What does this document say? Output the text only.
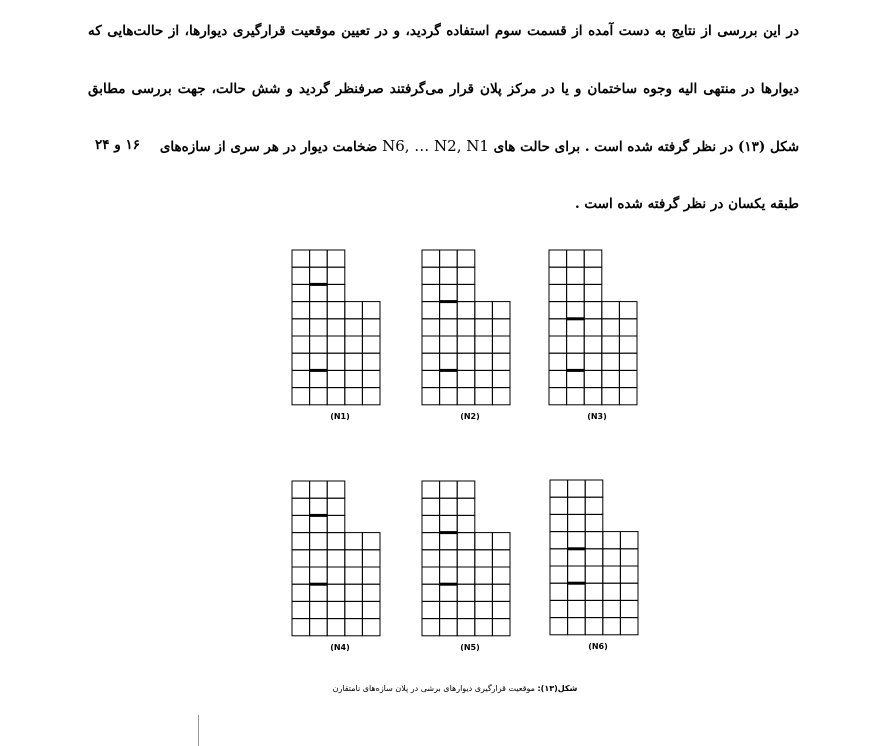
در این بررسی از نتایج به دست آمده از قسمت سوم استفاده گردید، و در تعیین موقعیت قرارگیری دیوارها، از حالت‌هایی که
دیوارها در منتهی الیه وجوه ساختمان و یا در مرکز پلان قرار می‌گرفتند صرفنظر گردید و شش حالت، جهت بررسی مطابق
شکل (۱۳) در نظر گرفته شده است . برای حالت های N6, … N2, N1 ضخامت دیوار در هر سری از سازه‌های
۱۶ و ۲۴
طبقه یکسان در نظر گرفته شده است .
(N1)	(N2)	(N3)
(N4)	(N5)	(N6)
شکل(۱۳): موقعیت قرارگیری دیوارهای برشی در پلان سازه‌های نامتقارن
